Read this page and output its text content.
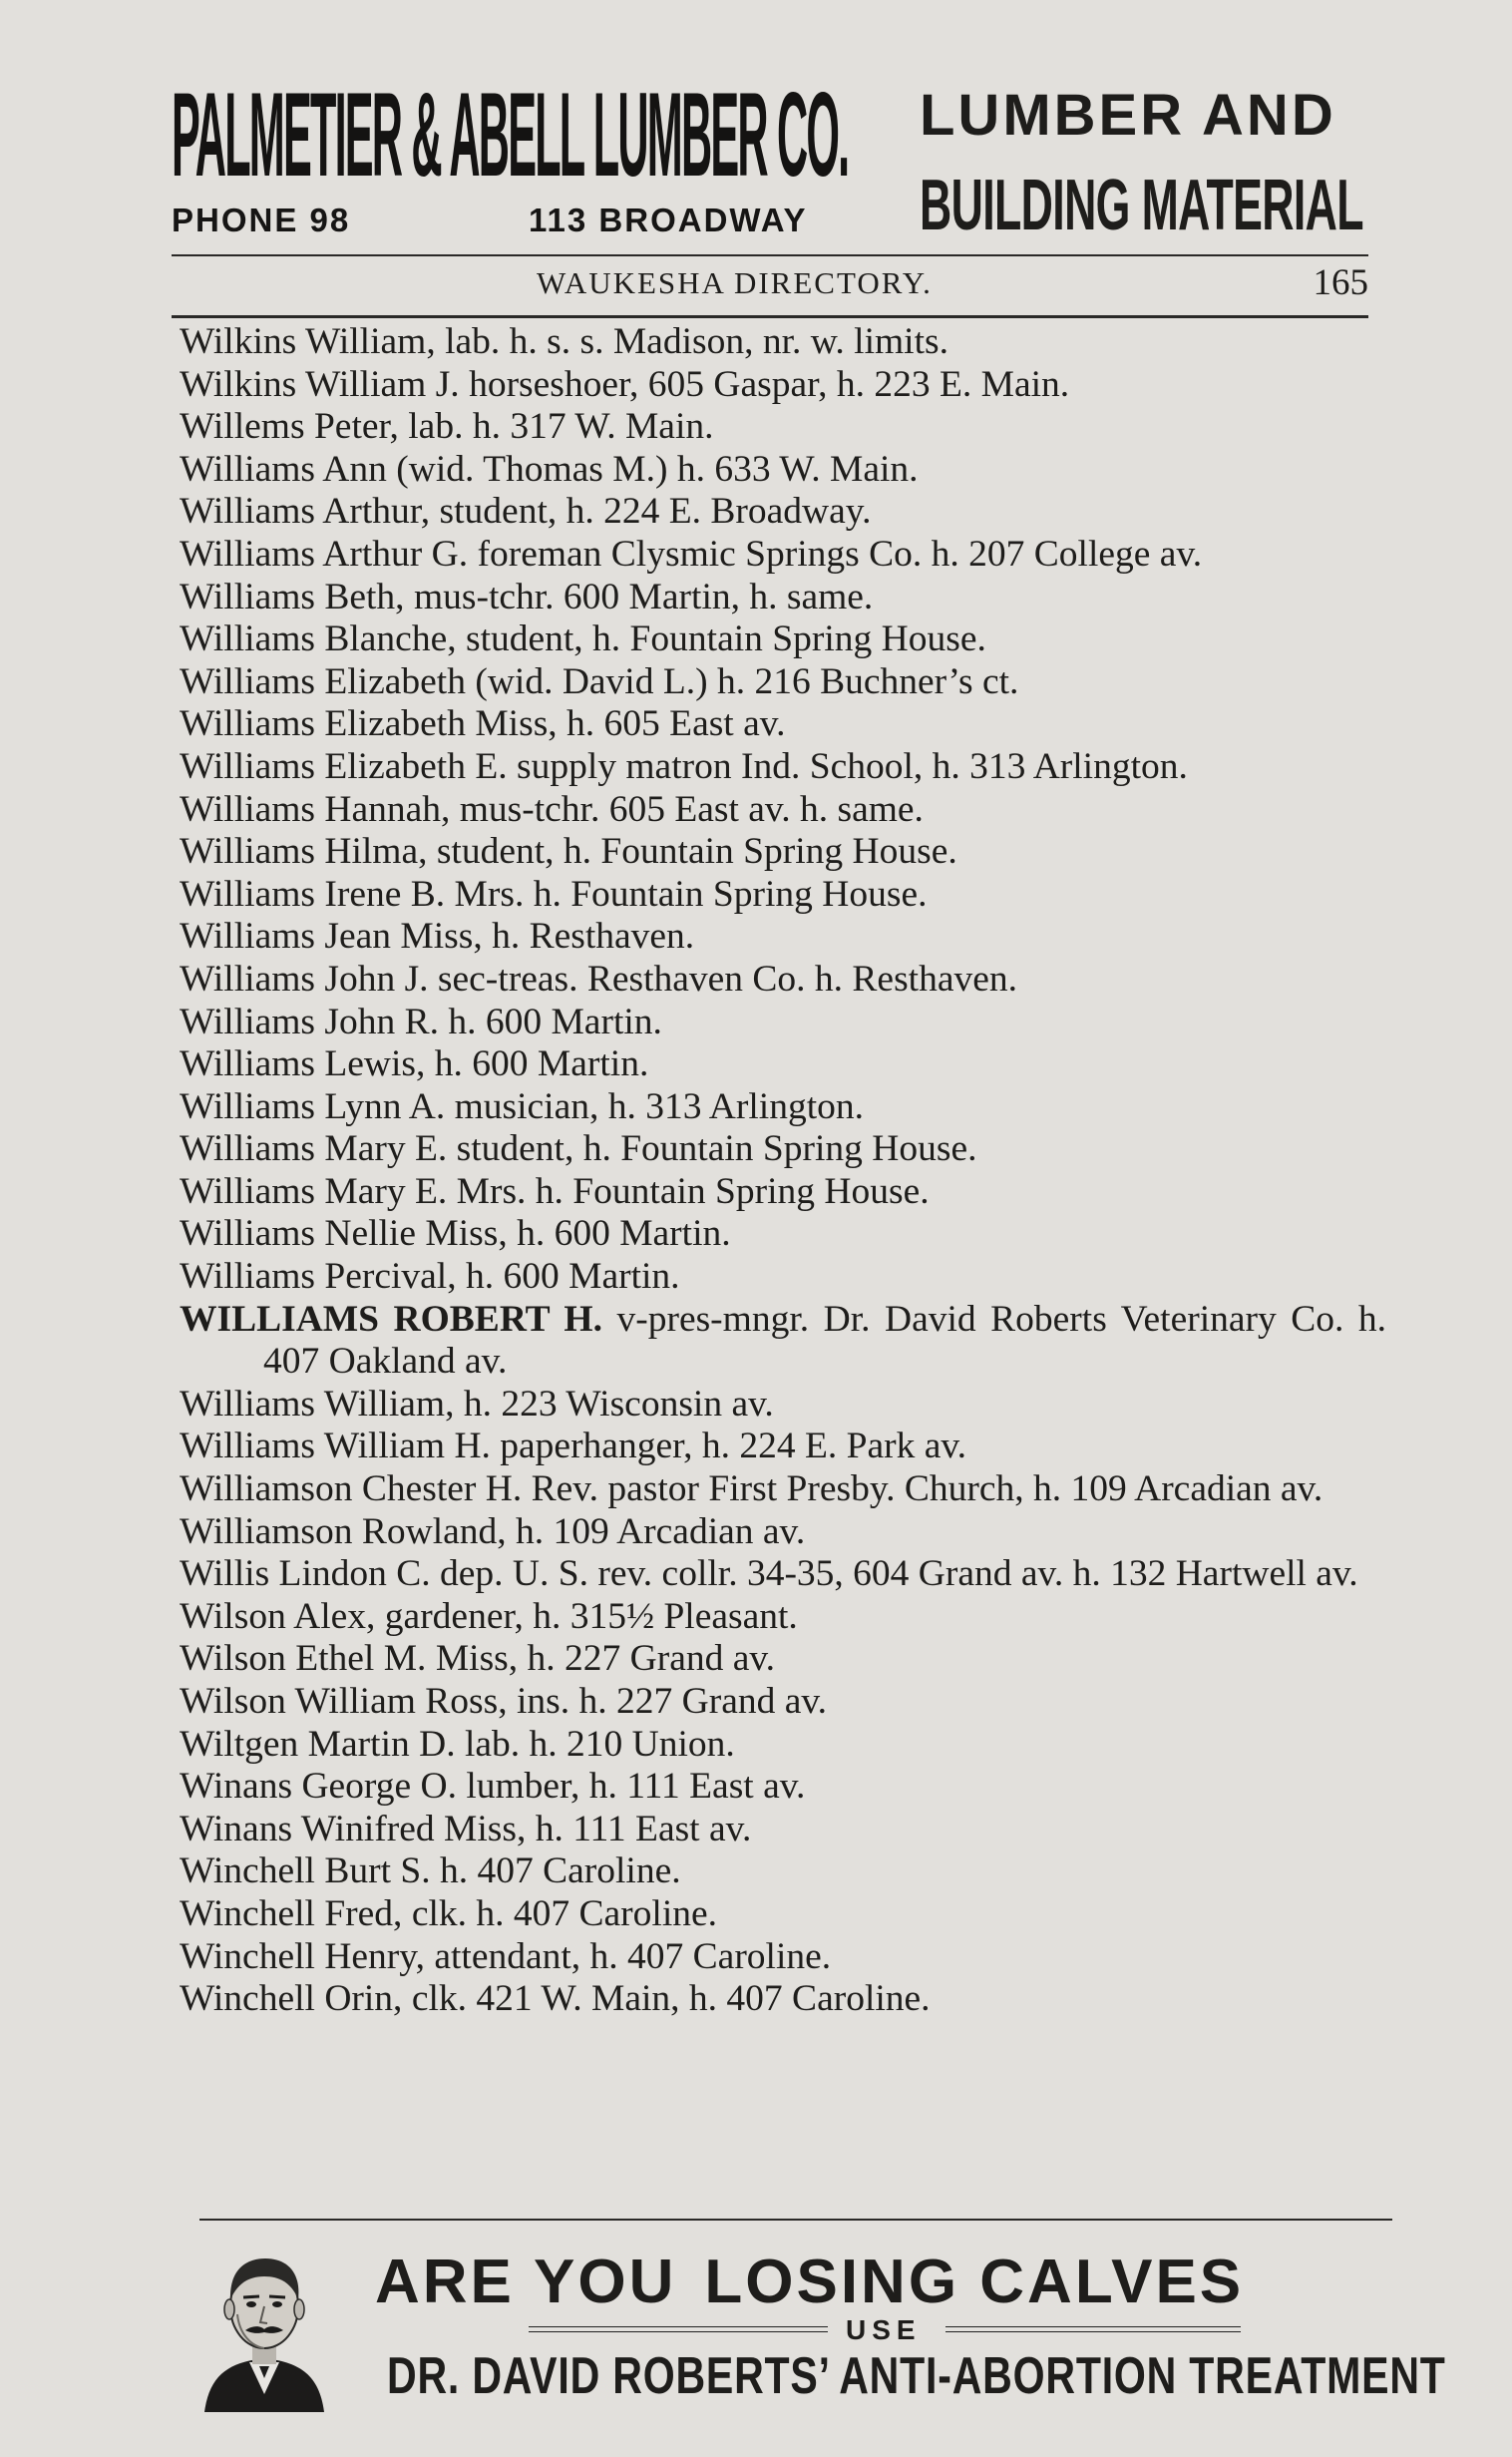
PALMETIER & ABELL LUMBER CO.
PHONE 98	113 BROADWAY
LUMBER AND
BUILDING MATERIAL
WAUKESHA DIRECTORY.	165
Wilkins William, lab. h. s. s. Madison, nr. w. limits.
Wilkins William J. horseshoer, 605 Gaspar, h. 223 E. Main.
Willems Peter, lab. h. 317 W. Main.
Williams Ann (wid. Thomas M.) h. 633 W. Main.
Williams Arthur, student, h. 224 E. Broadway.
Williams Arthur G. foreman Clysmic Springs Co. h. 207 College av.
Williams Beth, mus-tchr. 600 Martin, h. same.
Williams Blanche, student, h. Fountain Spring House.
Williams Elizabeth (wid. David L.) h. 216 Buchner’s ct.
Williams Elizabeth Miss, h. 605 East av.
Williams Elizabeth E. supply matron Ind. School, h. 313 Arlington.
Williams Hannah, mus-tchr. 605 East av. h. same.
Williams Hilma, student, h. Fountain Spring House.
Williams Irene B. Mrs. h. Fountain Spring House.
Williams Jean Miss, h. Resthaven.
Williams John J. sec-treas. Resthaven Co. h. Resthaven.
Williams John R. h. 600 Martin.
Williams Lewis, h. 600 Martin.
Williams Lynn A. musician, h. 313 Arlington.
Williams Mary E. student, h. Fountain Spring House.
Williams Mary E. Mrs. h. Fountain Spring House.
Williams Nellie Miss, h. 600 Martin.
Williams Percival, h. 600 Martin.
WILLIAMS ROBERT H. v-pres-mngr. Dr. David Roberts Veterinary Co. h. 407 Oakland av.
Williams William, h. 223 Wisconsin av.
Williams William H. paperhanger, h. 224 E. Park av.
Williamson Chester H. Rev. pastor First Presby. Church, h. 109 Arcadian av.
Williamson Rowland, h. 109 Arcadian av.
Willis Lindon C. dep. U. S. rev. collr. 34-35, 604 Grand av. h. 132 Hartwell av.
Wilson Alex, gardener, h. 315½ Pleasant.
Wilson Ethel M. Miss, h. 227 Grand av.
Wilson William Ross, ins. h. 227 Grand av.
Wiltgen Martin D. lab. h. 210 Union.
Winans George O. lumber, h. 111 East av.
Winans Winifred Miss, h. 111 East av.
Winchell Burt S. h. 407 Caroline.
Winchell Fred, clk. h. 407 Caroline.
Winchell Henry, attendant, h. 407 Caroline.
Winchell Orin, clk. 421 W. Main, h. 407 Caroline.
ARE YOU LOSING CALVES
USE
DR. DAVID ROBERTS’ ANTI-ABORTION TREATMENT
